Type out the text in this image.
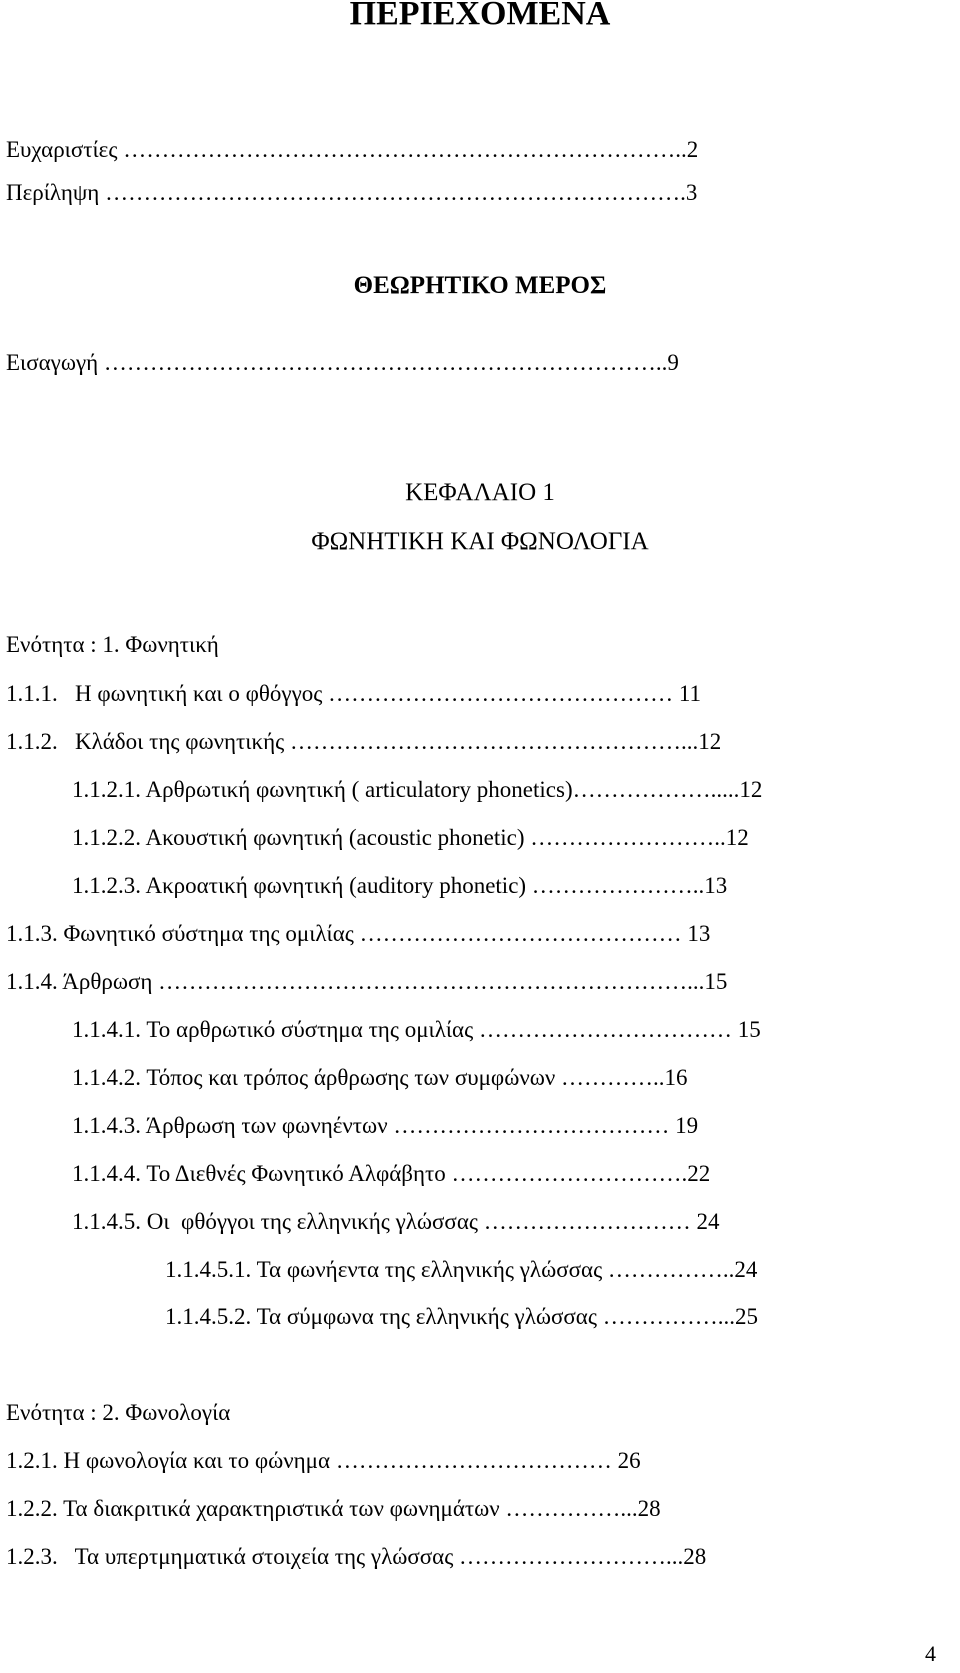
ΠΕΡΙΕΧΟΜΕΝΑ
Ευχαριστίες ………………………………………………………………..2
Περίληψη ………………………………………………………………….3
ΘΕΩΡΗΤΙΚΟ ΜΕΡΟΣ
Εισαγωγή ………………………………………………………………..9
ΚΕΦΑΛΑΙΟ 1
ΦΩΝΗΤΙΚΗ ΚΑΙ ΦΩΝΟΛΟΓΙΑ
Ενότητα : 1. Φωνητική
1.1.1.   Η φωνητική και ο φθόγγος ……………………………………… 11
1.1.2.   Κλάδοι της φωνητικής ……………………………………………...12
1.1.2.1. Αρθρωτική φωνητική ( articulatory phonetics)……………….....12
1.1.2.2. Ακουστική φωνητική (acoustic phonetic) ……………………..12
1.1.2.3. Ακροατική φωνητική (auditory phonetic) …………………..13
1.1.3. Φωνητικό σύστημα της ομιλίας …………………………………… 13
1.1.4. Άρθρωση ……………………………………………………………...15
1.1.4.1. Το αρθρωτικό σύστημα της ομιλίας …………………………… 15
1.1.4.2. Τόπος και τρόπος άρθρωσης των συμφώνων …………..16
1.1.4.3. Άρθρωση των φωνηέντων ……………………………… 19
1.1.4.4. Το Διεθνές Φωνητικό Αλφάβητο ………………………….22
1.1.4.5. Οι  φθόγγοι της ελληνικής γλώσσας ……………………… 24
1.1.4.5.1. Τα φωνήεντα της ελληνικής γλώσσας ……………..24
1.1.4.5.2. Τα σύμφωνα της ελληνικής γλώσσας ……………...25
Ενότητα : 2. Φωνολογία
1.2.1. Η φωνολογία και το φώνημα ……………………………… 26
1.2.2. Τα διακριτικά χαρακτηριστικά των φωνημάτων ……………...28
1.2.3.   Τα υπερτμηματικά στοιχεία της γλώσσας ………………………...28
4
